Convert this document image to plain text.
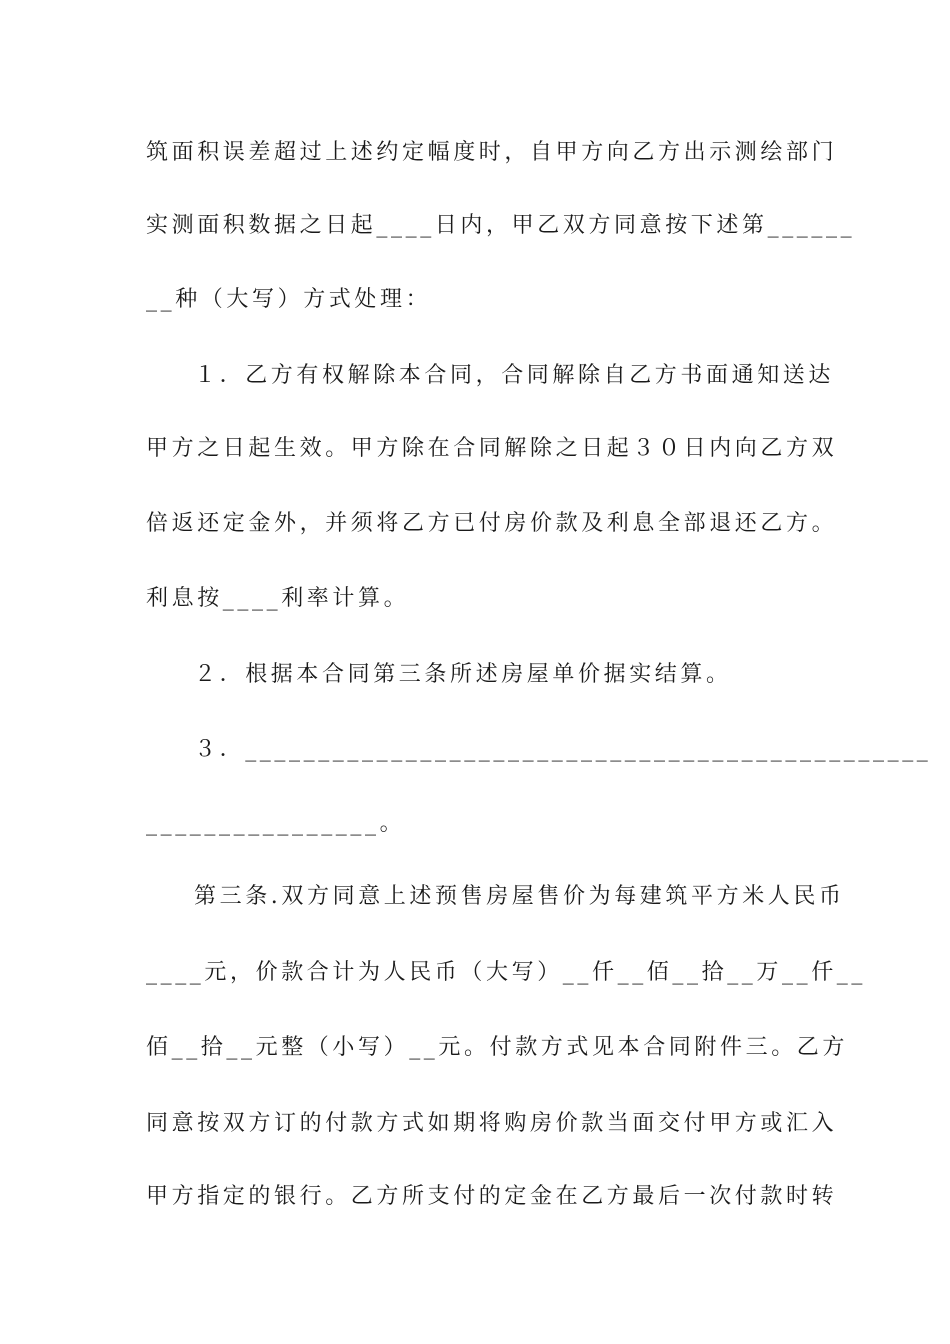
筑面积误差超过上述约定幅度时，自甲方向乙方出示测绘部门
实测面积数据之日起____日内，甲乙双方同意按下述第______
__种（大写）方式处理：
１．乙方有权解除本合同，合同解除自乙方书面通知送达
甲方之日起生效。甲方除在合同解除之日起３０日内向乙方双
倍返还定金外，并须将乙方已付房价款及利息全部退还乙方。
利息按____利率计算。
２．根据本合同第三条所述房屋单价据实结算。
３．_______________________________________________
________________。
第三条.双方同意上述预售房屋售价为每建筑平方米人民币
____元，价款合计为人民币（大写）__仟__佰__拾__万__仟__
佰__拾__元整（小写）__元。付款方式见本合同附件三。乙方
同意按双方订的付款方式如期将购房价款当面交付甲方或汇入
甲方指定的银行。乙方所支付的定金在乙方最后一次付款时转
